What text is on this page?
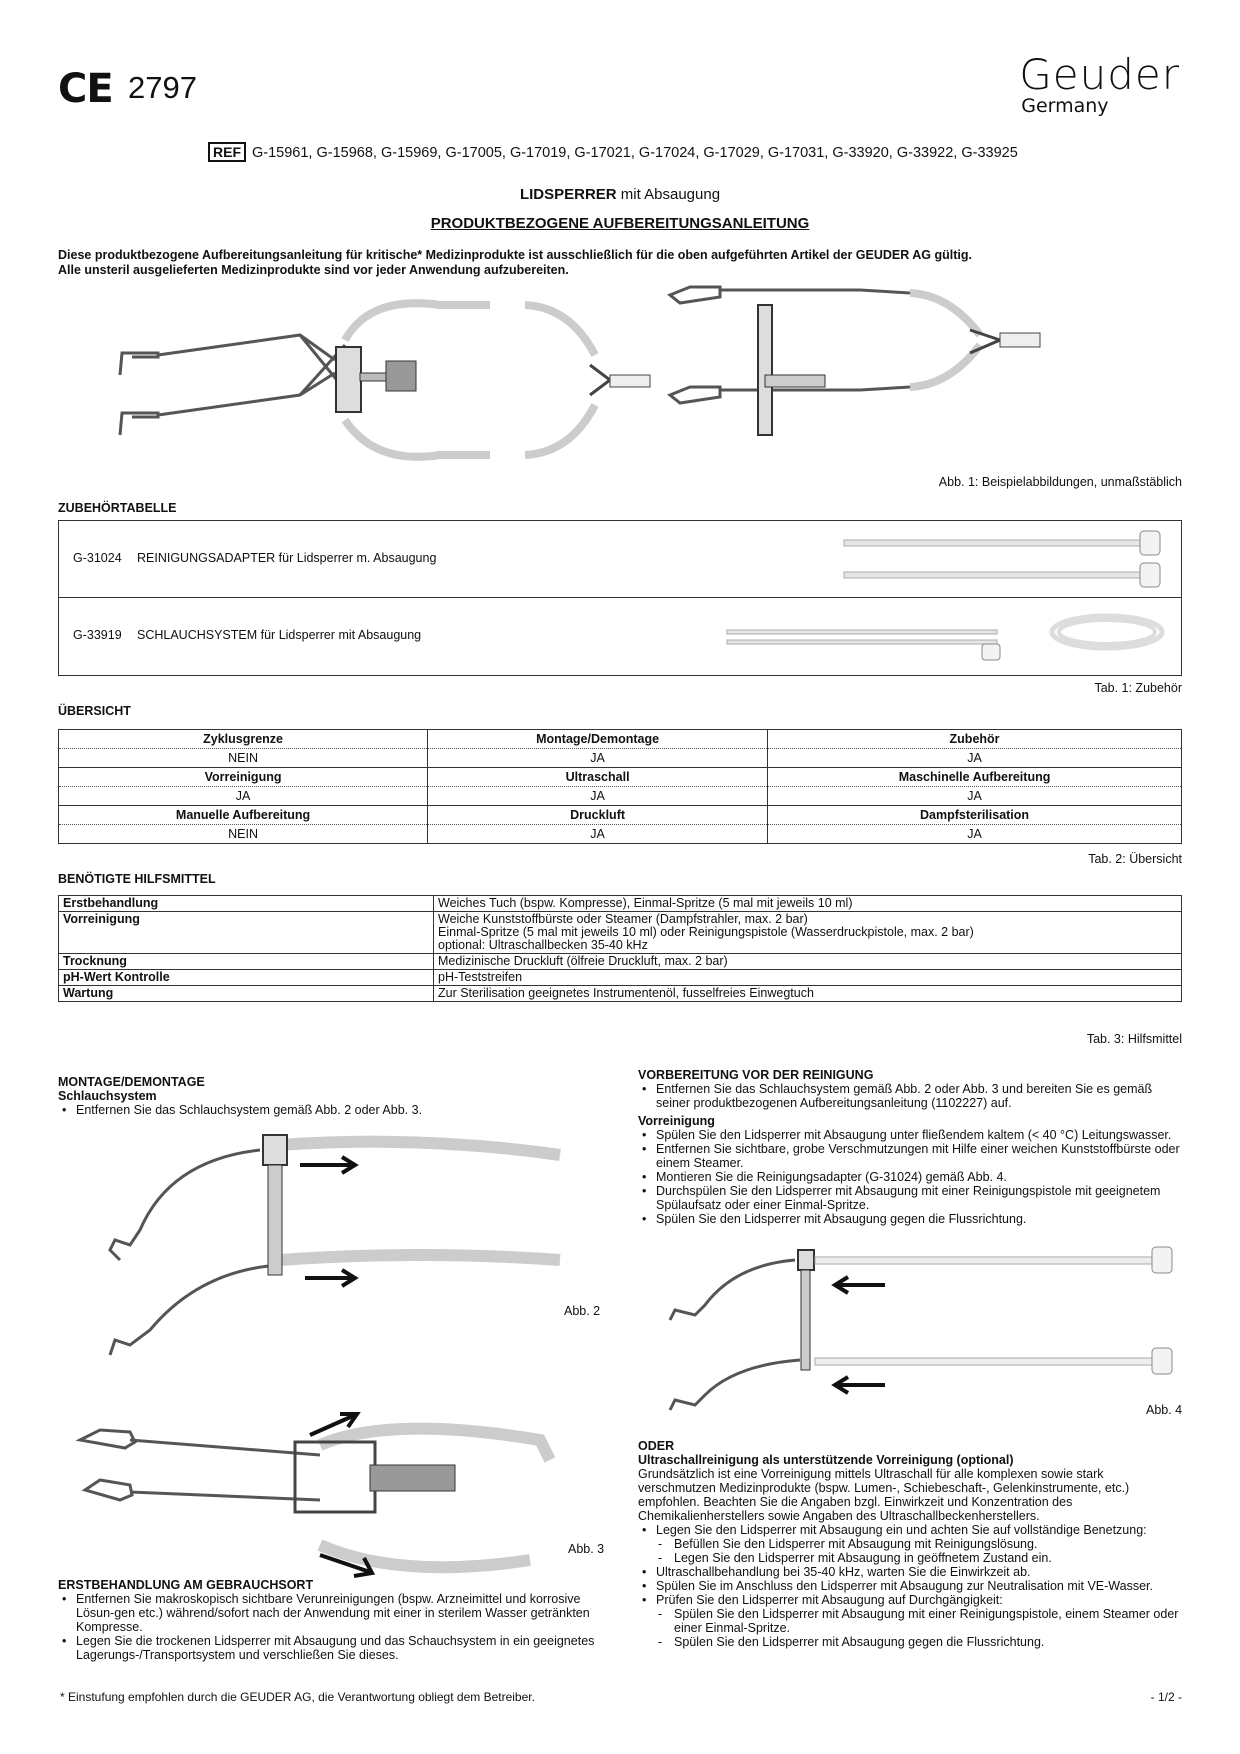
CE 2797	Geuder
Germany
REF G-15961, G-15968, G-15969, G-17005, G-17019, G-17021, G-17024, G-17029, G-17031, G-33920, G-33922, G-33925
LIDSPERRER mit Absaugung
PRODUKTBEZOGENE AUFBEREITUNGSANLEITUNG
Diese produktbezogene Aufbereitungsanleitung für kritische* Medizinprodukte ist ausschließlich für die oben aufgeführten Artikel der GEUDER AG gültig.
Alle unsteril ausgelieferten Medizinprodukte sind vor jeder Anwendung aufzubereiten.
Abb. 1: Beispielabbildungen, unmaßstäblich
ZUBEHÖRTABELLE
G-31024 REINIGUNGSADAPTER für Lidsperrer m. Absaugung
G-33919 SCHLAUCHSYSTEM für Lidsperrer mit Absaugung
Tab. 1: Zubehör
ÜBERSICHT
Zyklusgrenze	Montage/Demontage	Zubehör
NEIN	JA	JA
Vorreinigung	Ultraschall	Maschinelle Aufbereitung
JA	JA	JA
Manuelle Aufbereitung	Druckluft	Dampfsterilisation
NEIN	JA	JA
Tab. 2: Übersicht
BENÖTIGTE HILFSMITTEL
Erstbehandlung	Weiches Tuch (bspw. Kompresse), Einmal-Spritze (5 mal mit jeweils 10 ml)
Vorreinigung	Weiche Kunststoffbürste oder Steamer (Dampfstrahler, max. 2 bar)
Einmal-Spritze (5 mal mit jeweils 10 ml) oder Reinigungspistole (Wasserdruckpistole, max. 2 bar)
optional: Ultraschallbecken 35-40 kHz

Trocknung	Medizinische Druckluft (ölfreie Druckluft, max. 2 bar)
pH-Wert Kontrolle	pH-Teststreifen
Wartung	Zur Sterilisation geeignetes Instrumentenöl, fusselfreies Einwegtuch
Tab. 3: Hilfsmittel
MONTAGE/DEMONTAGE
Schlauchsystem
• Entfernen Sie das Schlauchsystem gemäß Abb. 2 oder Abb. 3.
Abb. 2
Abb. 3
ERSTBEHANDLUNG AM GEBRAUCHSORT
• Entfernen Sie makroskopisch sichtbare Verunreinigungen (bspw. Arzneimittel und korrosive Lösun-gen etc.) während/sofort nach der Anwendung mit einer in sterilem Wasser getränkten Kompresse.
• Legen Sie die trockenen Lidsperrer mit Absaugung und das Schauchsystem in ein geeignetes Lagerungs-/Transportsystem und verschließen Sie dieses.
VORBEREITUNG VOR DER REINIGUNG
• Entfernen Sie das Schlauchsystem gemäß Abb. 2 oder Abb. 3 und bereiten Sie es gemäß seiner produktbezogenen Aufbereitungsanleitung (1102227) auf.
Vorreinigung
• Spülen Sie den Lidsperrer mit Absaugung unter fließendem kaltem (< 40 °C) Leitungswasser.
• Entfernen Sie sichtbare, grobe Verschmutzungen mit Hilfe einer weichen Kunststoffbürste oder einem Steamer.
• Montieren Sie die Reinigungsadapter (G-31024) gemäß Abb. 4.
• Durchspülen Sie den Lidsperrer mit Absaugung mit einer Reinigungspistole mit geeignetem Spülaufsatz oder einer Einmal-Spritze.
• Spülen Sie den Lidsperrer mit Absaugung gegen die Flussrichtung.
Abb. 4
ODER
Ultraschallreinigung als unterstützende Vorreinigung (optional)
Grundsätzlich ist eine Vorreinigung mittels Ultraschall für alle komplexen sowie stark verschmutzen Medizinprodukte (bspw. Lumen-, Schiebeschaft-, Gelenkinstrumente, etc.) empfohlen. Beachten Sie die Angaben bzgl. Einwirkzeit und Konzentration des Chemikalienherstellers sowie Angaben des Ultraschallbeckenherstellers.
• Legen Sie den Lidsperrer mit Absaugung ein und achten Sie auf vollständige Benetzung:
- Befüllen Sie den Lidsperrer mit Absaugung mit Reinigungslösung.
- Legen Sie den Lidsperrer mit Absaugung in geöffnetem Zustand ein.
• Ultraschallbehandlung bei 35-40 kHz, warten Sie die Einwirkzeit ab.
• Spülen Sie im Anschluss den Lidsperrer mit Absaugung zur Neutralisation mit VE-Wasser.
• Prüfen Sie den Lidsperrer mit Absaugung auf Durchgängigkeit:
- Spülen Sie den Lidsperrer mit Absaugung mit einer Reinigungspistole, einem Steamer oder einer Einmal-Spritze.
- Spülen Sie den Lidsperrer mit Absaugung gegen die Flussrichtung.
* Einstufung empfohlen durch die GEUDER AG, die Verantwortung obliegt dem Betreiber.	- 1/2 -
